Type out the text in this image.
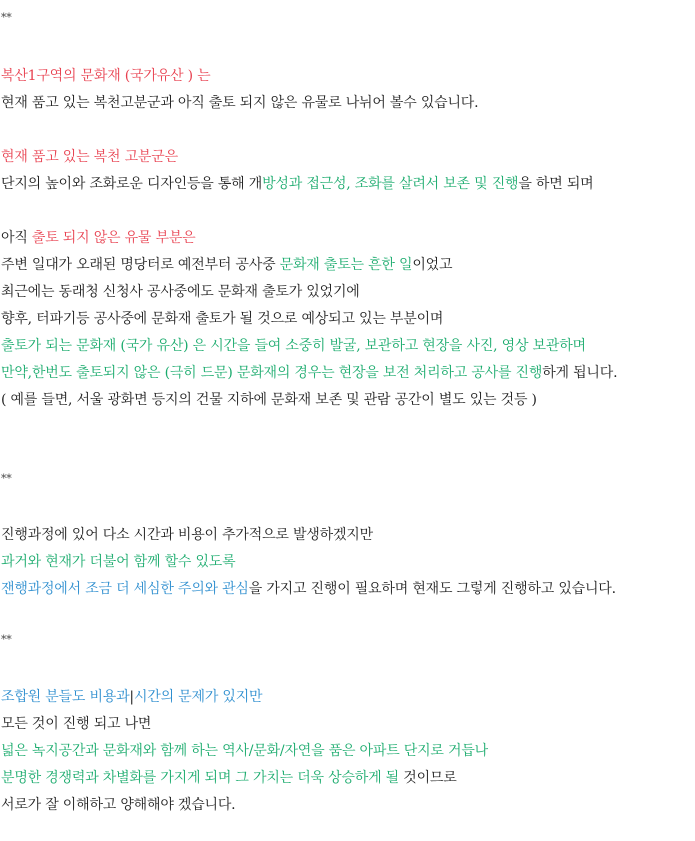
**
복산1구역의 문화재 (국가유산 ) 는
현재 품고 있는 복천고분군과 아직 출토 되지 않은 유물로 나뉘어 볼수 있습니다.
현재 품고 있는 복천 고분군은
단지의 높이와 조화로운 디자인등을 통해 개방성과 접근성, 조화를 살려서 보존 및 진행을 하면 되며
아직 출토 되지 않은 유물 부분은
주변 일대가 오래된 명당터로 예전부터 공사중 문화재 출토는 흔한 일이었고
최근에는 동래청 신청사 공사중에도 문화재 출토가 있었기에
향후, 터파기등 공사중에 문화재 출토가 될 것으로 예상되고 있는 부분이며
출토가 되는 문화재 (국가 유산) 은 시간을 들여 소중히 발굴, 보관하고 현장을 사진, 영상 보관하며
만약,한번도 출토되지 않은 (극히 드문) 문화재의 경우는 현장을 보전 처리하고 공사를 진행하게 됩니다.
( 예를 들면, 서울 광화면 등지의 건물 지하에 문화재 보존 및 관람 공간이 별도 있는 것등 )
**
진행과정에 있어 다소 시간과 비용이 추가적으로 발생하겠지만
과거와 현재가 더불어 함께 할수 있도록
잰행과정에서 조금 더 세심한 주의와 관심을 가지고 진행이 필요하며 현재도 그렇게 진행하고 있습니다.
**
조합원 분들도 비용과|시간의 문제가 있지만
모든 것이 진행 되고 나면
넓은 녹지공간과 문화재와 함께 하는 역사/문화/자연을 품은 아파트 단지로 거듭나
분명한 경쟁력과 차별화를 가지게 되며 그 가치는 더욱 상승하게 될 것이므로
서로가 잘 이해하고 양해해야 겠습니다.
